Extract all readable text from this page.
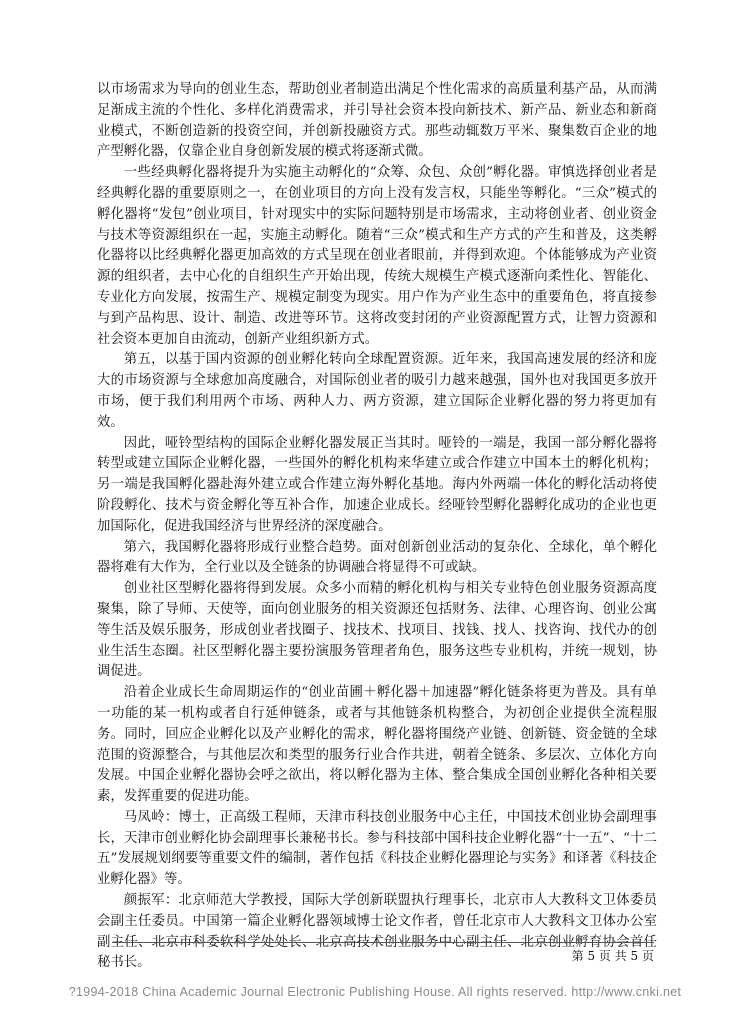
以市场需求为导向的创业生态，帮助创业者制造出满足个性化需求的高质量利基产品，从而满足渐成主流的个性化、多样化消费需求，并引导社会资本投向新技术、新产品、新业态和新商业模式，不断创造新的投资空间，并创新投融资方式。那些动辄数万平米、聚集数百企业的地产型孵化器，仅靠企业自身创新发展的模式将逐渐式微。

一些经典孵化器将提升为实施主动孵化的“众筹、众包、众创”孵化器。审慎选择创业者是经典孵化器的重要原则之一，在创业项目的方向上没有发言权，只能坐等孵化。“三众”模式的孵化器将“发包”创业项目，针对现实中的实际问题特别是市场需求，主动将创业者、创业资金与技术等资源组织在一起，实施主动孵化。随着“三众”模式和生产方式的产生和普及，这类孵化器将以比经典孵化器更加高效的方式呈现在创业者眼前，并得到欢迎。个体能够成为产业资源的组织者，去中心化的自组织生产开始出现，传统大规模生产模式逐渐向柔性化、智能化、专业化方向发展，按需生产、规模定制变为现实。用户作为产业生态中的重要角色，将直接参与到产品构思、设计、制造、改进等环节。这将改变封闭的产业资源配置方式，让智力资源和社会资本更加自由流动，创新产业组织新方式。

第五，以基于国内资源的创业孵化转向全球配置资源。近年来，我国高速发展的经济和庞大的市场资源与全球愈加高度融合，对国际创业者的吸引力越来越强，国外也对我国更多放开市场，便于我们利用两个市场、两种人力、两方资源，建立国际企业孵化器的努力将更加有效。

因此，哑铃型结构的国际企业孵化器发展正当其时。哑铃的一端是，我国一部分孵化器将转型或建立国际企业孵化器，一些国外的孵化机构来华建立或合作建立中国本土的孵化机构；另一端是我国孵化器赴海外建立或合作建立海外孵化基地。海内外两端一体化的孵化活动将使阶段孵化、技术与资金孵化等互补合作，加速企业成长。经哑铃型孵化器孵化成功的企业也更加国际化，促进我国经济与世界经济的深度融合。

第六，我国孵化器将形成行业整合趋势。面对创新创业活动的复杂化、全球化，单个孵化器将难有大作为，全行业以及全链条的协调融合将显得不可或缺。

创业社区型孵化器将得到发展。众多小而精的孵化机构与相关专业特色创业服务资源高度聚集，除了导师、天使等，面向创业服务的相关资源还包括财务、法律、心理咨询、创业公寓等生活及娱乐服务，形成创业者找圈子、找技术、找项目、找钱、找人、找咨询、找代办的创业生活生态圈。社区型孵化器主要扮演服务管理者角色，服务这些专业机构，并统一规划，协调促进。

沿着企业成长生命周期运作的“创业苗圃＋孵化器＋加速器”孵化链条将更为普及。具有单一功能的某一机构或者自行延伸链条，或者与其他链条机构整合，为初创企业提供全流程服务。同时，回应企业孵化以及产业孵化的需求，孵化器将围绕产业链、创新链、资金链的全球范围的资源整合，与其他层次和类型的服务行业合作共进，朝着全链条、多层次、立体化方向发展。中国企业孵化器协会呼之欲出，将以孵化器为主体、整合集成全国创业孵化各种相关要素，发挥重要的促进功能。

马凤岭：博士，正高级工程师，天津市科技创业服务中心主任，中国技术创业协会副理事长，天津市创业孵化协会副理事长兼秘书长。参与科技部中国科技企业孵化器“十一五”、“十二五”发展规划纲要等重要文件的编制，著作包括《科技企业孵化器理论与实务》和译著《科技企业孵化器》等。

颜振军：北京师范大学教授，国际大学创新联盟执行理事长，北京市人大教科文卫体委员会副主任委员。中国第一篇企业孵化器领域博士论文作者，曾任北京市人大教科文卫体办公室副主任、北京市科委软科学处处长、北京高技术创业服务中心副主任、北京创业孵育协会首任秘书长。	第 5 页 共 5 页
?1994-2018 China Academic Journal Electronic Publishing House. All rights reserved. http://www.cnki.net
